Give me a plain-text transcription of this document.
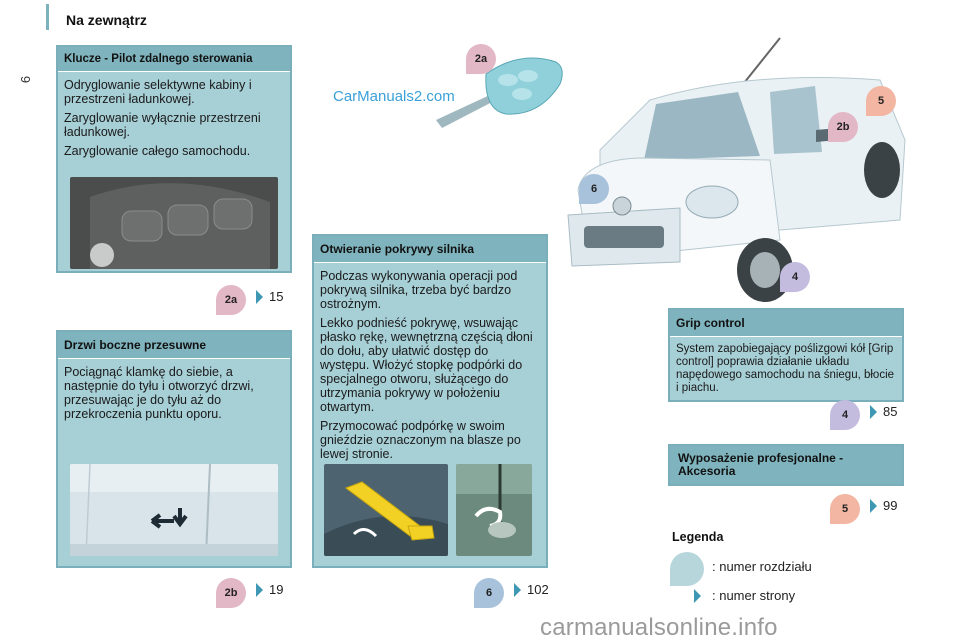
Na zewnątrz
6
Klucze - Pilot zdalnego sterowania

Odryglowanie selektywne kabiny i przestrzeni ładunkowej.

Zaryglowanie wyłącznie przestrzeni ładunkowej.

Zaryglowanie całego samochodu.

2a	15
Drzwi boczne przesuwne
Pociągnąć klamkę do siebie, a następnie do tyłu i otworzyć drzwi, przesuwając je do tyłu aż do przekroczenia punktu oporu.
2b	19
CarManuals2.com
2a
5
2b
6
4
Otwieranie pokrywy silnika

Podczas wykonywania operacji pod pokrywą silnika, trzeba być bardzo ostrożnym.

Lekko podnieść pokrywę, wsuwając płasko rękę, wewnętrzną częścią dłoni do dołu, aby ułatwić dostęp do występu. Włożyć stopkę podpórki do specjalnego otworu, służącego do utrzymania pokrywy w położeniu otwartym.

Przymocować podpórkę w swoim gnieździe oznaczonym na blasze po lewej stronie.

6	102
Grip control
System zapobiegający poślizgowi kół [Grip control] poprawia działanie układu napędowego samochodu na śniegu, błocie i piachu.
4	85
Wyposażenie profesjonalne - Akcesoria
5	99
Legenda
: numer rozdziału
: numer strony
carmanualsonline.info
